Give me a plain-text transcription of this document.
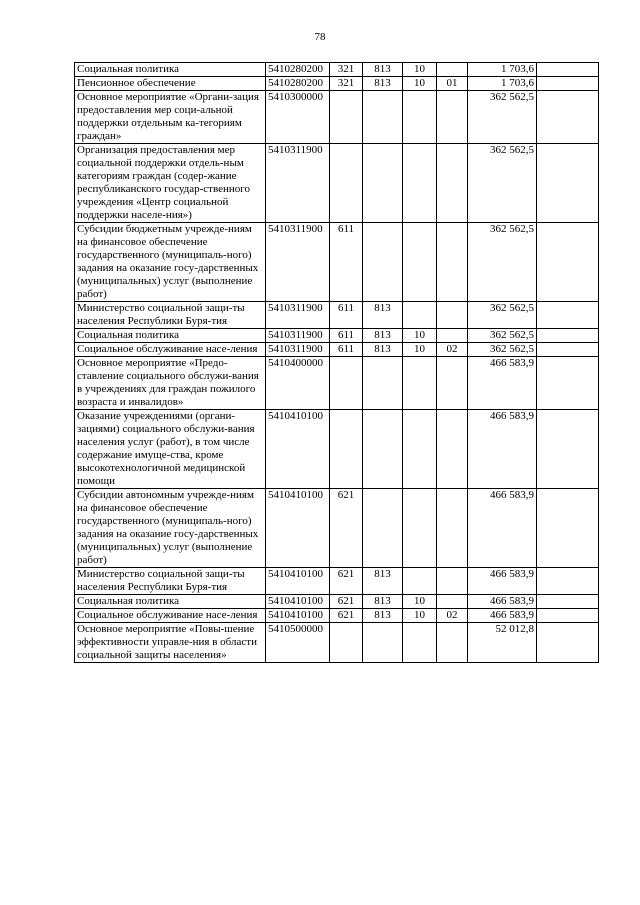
78
Социальная политика	5410280200	321	813	10		1 703,6	
Пенсионное обеспечение	5410280200	321	813	10	01	1 703,6	
Основное мероприятие «Органи-зация предоставления мер соци-альной поддержки отдельным ка-тегориям граждан»	5410300000					362 562,5	
Организация предоставления мер социальной поддержки отдель-ным категориям граждан (содер-жание республиканского государ-ственного учреждения «Центр социальной поддержки населе-ния»)	5410311900					362 562,5	
Субсидии бюджетным учрежде-ниям на финансовое обеспечение государственного (муниципаль-ного) задания на оказание госу-дарственных (муниципальных) услуг (выполнение работ)	5410311900	611				362 562,5	
Министерство социальной защи-ты населения Республики Буря-тия	5410311900	611	813			362 562,5	
Социальная политика	5410311900	611	813	10		362 562,5	
Социальное обслуживание насе-ления	5410311900	611	813	10	02	362 562,5	
Основное мероприятие «Предо-ставление социального обслужи-вания в учреждениях для граждан пожилого возраста и инвалидов»	5410400000					466 583,9	
Оказание учреждениями (органи-зациями) социального обслужи-вания населения услуг (работ), в том числе содержание имуще-ства, кроме высокотехнологичной медицинской помощи	5410410100					466 583,9	
Субсидии автономным учрежде-ниям на финансовое обеспечение государственного (муниципаль-ного) задания на оказание госу-дарственных (муниципальных) услуг (выполнение работ)	5410410100	621				466 583,9	
Министерство социальной защи-ты населения Республики Буря-тия	5410410100	621	813			466 583,9	
Социальная политика	5410410100	621	813	10		466 583,9	
Социальное обслуживание насе-ления	5410410100	621	813	10	02	466 583,9	
Основное мероприятие «Повы-шение эффективности управле-ния в области социальной защиты населения»	5410500000					52 012,8	
